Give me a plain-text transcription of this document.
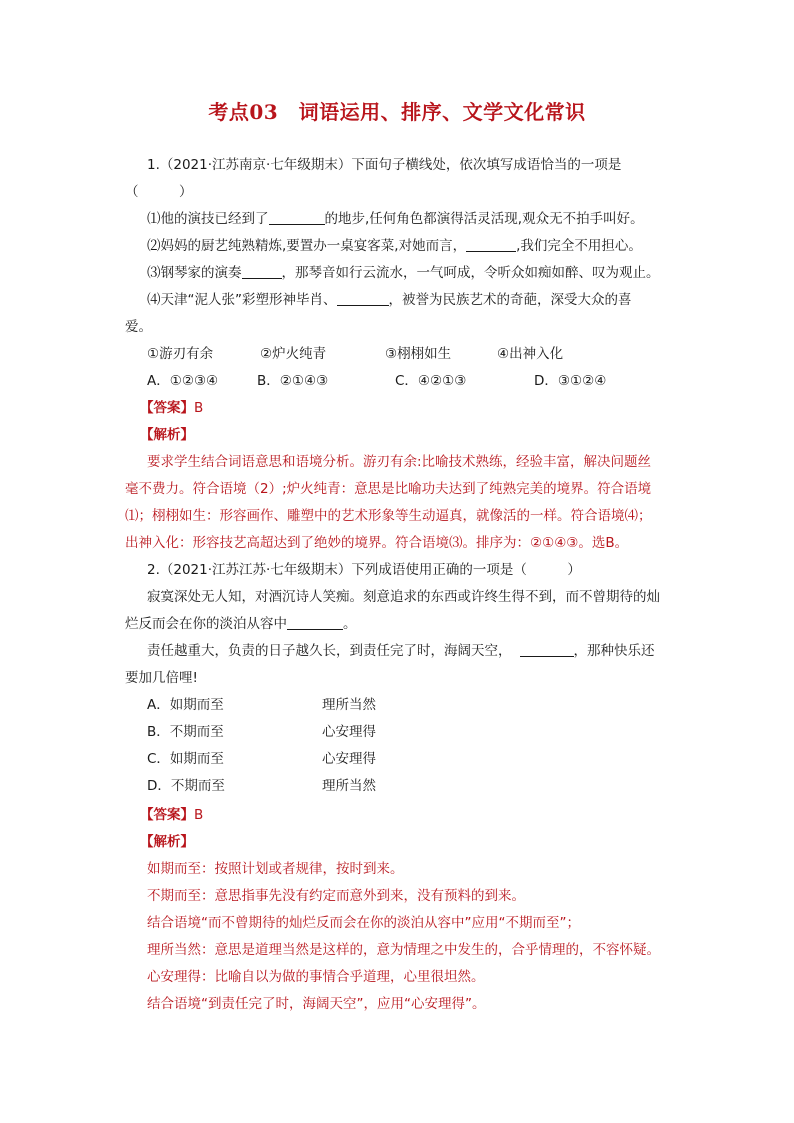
考点03　词语运用、排序、文学文化常识
1.（2021·江苏南京·七年级期末）下面句子横线处，依次填写成语恰当的一项是
（　　　）
⑴他的演技已经到了	的地步,任何角色都演得活灵活现,观众无不拍手叫好。
⑵妈妈的厨艺纯熟精炼,要置办一桌宴客菜,对她而言，	,我们完全不用担心。
⑶钢琴家的演奏	，那琴音如行云流水，一气呵成，令听众如痴如醉、叹为观止。
⑷天津“泥人张”彩塑形神毕肖、	，被誉为民族艺术的奇葩，深受大众的喜
爱。
①游刃有余	②炉火纯青	③栩栩如生	④出神入化
A．①②③④	B．②①④③	C．④②①③	D．③①②④
【答案】B
【解析】
要求学生结合词语意思和语境分析。游刃有余:比喻技术熟练，经验丰富，解决问题丝
毫不费力。符合语境（2）;炉火纯青：意思是比喻功夫达到了纯熟完美的境界。符合语境
⑴；栩栩如生：形容画作、雕塑中的艺术形象等生动逼真，就像活的一样。符合语境⑷；
出神入化：形容技艺高超达到了绝妙的境界。符合语境⑶。排序为：②①④③。选B。
2.（2021·江苏江苏·七年级期末）下列成语使用正确的一项是（　　　）
寂寞深处无人知，对酒沉诗人笑痴。刻意追求的东西或许终生得不到，而不曾期待的灿
烂反而会在你的淡泊从容中	。
责任越重大，负责的日子越久长，到责任完了时，海阔天空，	，那种快乐还
要加几倍哩!
A．如期而至	理所当然
B．不期而至	心安理得
C．如期而至	心安理得
D．不期而至	理所当然
【答案】B
【解析】
如期而至：按照计划或者规律，按时到来。
不期而至：意思指事先没有约定而意外到来，没有预料的到来。
结合语境“而不曾期待的灿烂反而会在你的淡泊从容中”应用“不期而至”；
理所当然：意思是道理当然是这样的，意为情理之中发生的，合乎情理的，不容怀疑。
心安理得：比喻自以为做的事情合乎道理，心里很坦然。
结合语境“到责任完了时，海阔天空”，应用“心安理得”。
